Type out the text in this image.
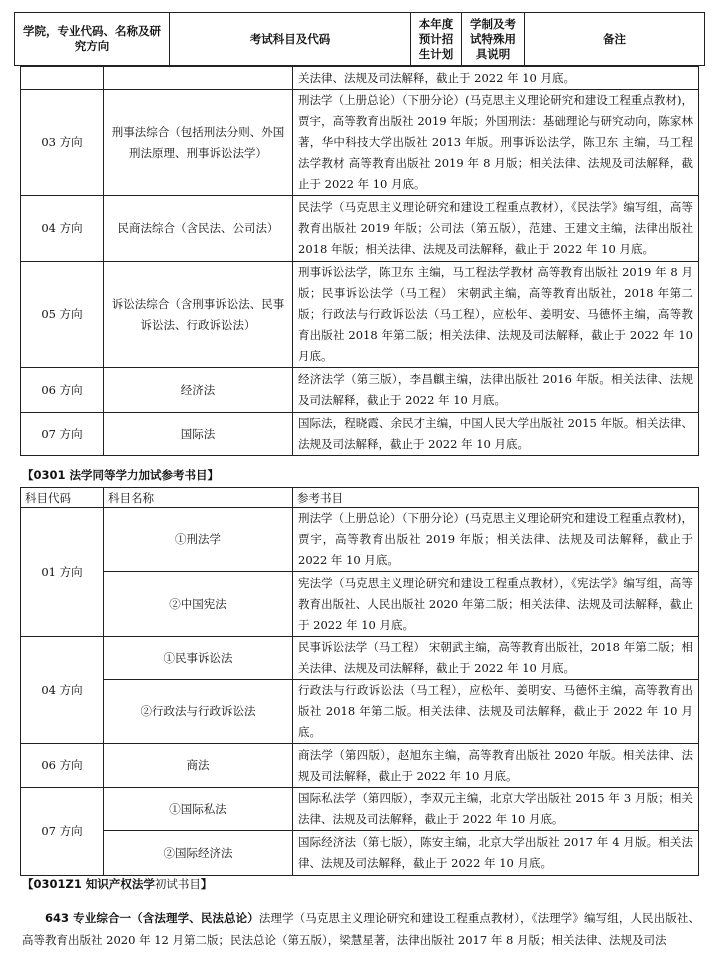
学院，专业代码、名称及研究方向	考试科目及代码	本年度预计招生计划	学制及考试特殊用具说明	备注
		关法律、法规及司法解释，截止于 2022 年 10 月底。
03 方向	刑事法综合（包括刑法分则、外国刑法原理、刑事诉讼法学）	刑法学（上册总论）（下册分论）(马克思主义理论研究和建设工程重点教材)，贾宇，高等教育出版社 2019 年版；外国刑法：基础理论与研究动向，陈家林著，华中科技大学出版社 2013 年版。刑事诉讼法学，陈卫东 主编，马工程法学教材 高等教育出版社 2019 年 8 月版；相关法律、法规及司法解释，截止于 2022 年 10 月底。
04 方向	民商法综合（含民法、公司法）	民法学（马克思主义理论研究和建设工程重点教材），《民法学》编写组，高等教育出版社 2019 年版；公司法（第五版），范建、王建文主编，法律出版社 2018 年版；相关法律、法规及司法解释，截止于 2022 年 10 月底。
05 方向	诉讼法综合（含刑事诉讼法、民事诉讼法、行政诉讼法）	刑事诉讼法学，陈卫东 主编，马工程法学教材 高等教育出版社 2019 年 8 月版；民事诉讼法学（马工程） 宋朝武主编，高等教育出版社，2018 年第二版；行政法与行政诉讼法（马工程），应松年、姜明安、马德怀主编，高等教育出版社 2018 年第二版；相关法律、法规及司法解释，截止于 2022 年 10 月底。
06 方向	经济法	经济法学（第三版），李昌麒主编，法律出版社 2016 年版。相关法律、法规及司法解释，截止于 2022 年 10 月底。
07 方向	国际法	国际法，程晓霞、余民才主编，中国人民大学出版社 2015 年版。相关法律、法规及司法解释，截止于 2022 年 10 月底。
【0301 法学同等学力加试参考书目】
科目代码	科目名称	参考书目
01 方向	①刑法学	刑法学（上册总论）（下册分论）(马克思主义理论研究和建设工程重点教材)，贾宇，高等教育出版社 2019 年版；相关法律、法规及司法解释，截止于 2022 年 10 月底。
	②中国宪法	宪法学（马克思主义理论研究和建设工程重点教材），《宪法学》编写组，高等教育出版社、人民出版社 2020 年第二版；相关法律、法规及司法解释，截止于 2022 年 10 月底。
04 方向	①民事诉讼法	民事诉讼法学（马工程） 宋朝武主编，高等教育出版社，2018 年第二版；相关法律、法规及司法解释，截止于 2022 年 10 月底。
	②行政法与行政诉讼法	行政法与行政诉讼法（马工程），应松年、姜明安、马德怀主编，高等教育出版社 2018 年第二版。相关法律、法规及司法解释，截止于 2022 年 10 月底。
06 方向	商法	商法学（第四版），赵旭东主编，高等教育出版社 2020 年版。相关法律、法规及司法解释，截止于 2022 年 10 月底。
07 方向	①国际私法	国际私法学（第四版），李双元主编，北京大学出版社 2015 年 3 月版；相关法律、法规及司法解释，截止于 2022 年 10 月底。
	②国际经济法	国际经济法（第七版），陈安主编，北京大学出版社 2017 年 4 月版。相关法律、法规及司法解释，截止于 2022 年 10 月底。
【0301Z1 知识产权法学初试书目】
643 专业综合一（含法理学、民法总论）法理学（马克思主义理论研究和建设工程重点教材），《法理学》编写组，人民出版社、高等教育出版社 2020 年 12 月第二版；民法总论（第五版），梁慧星著，法律出版社 2017 年 8 月版；相关法律、法规及司法
